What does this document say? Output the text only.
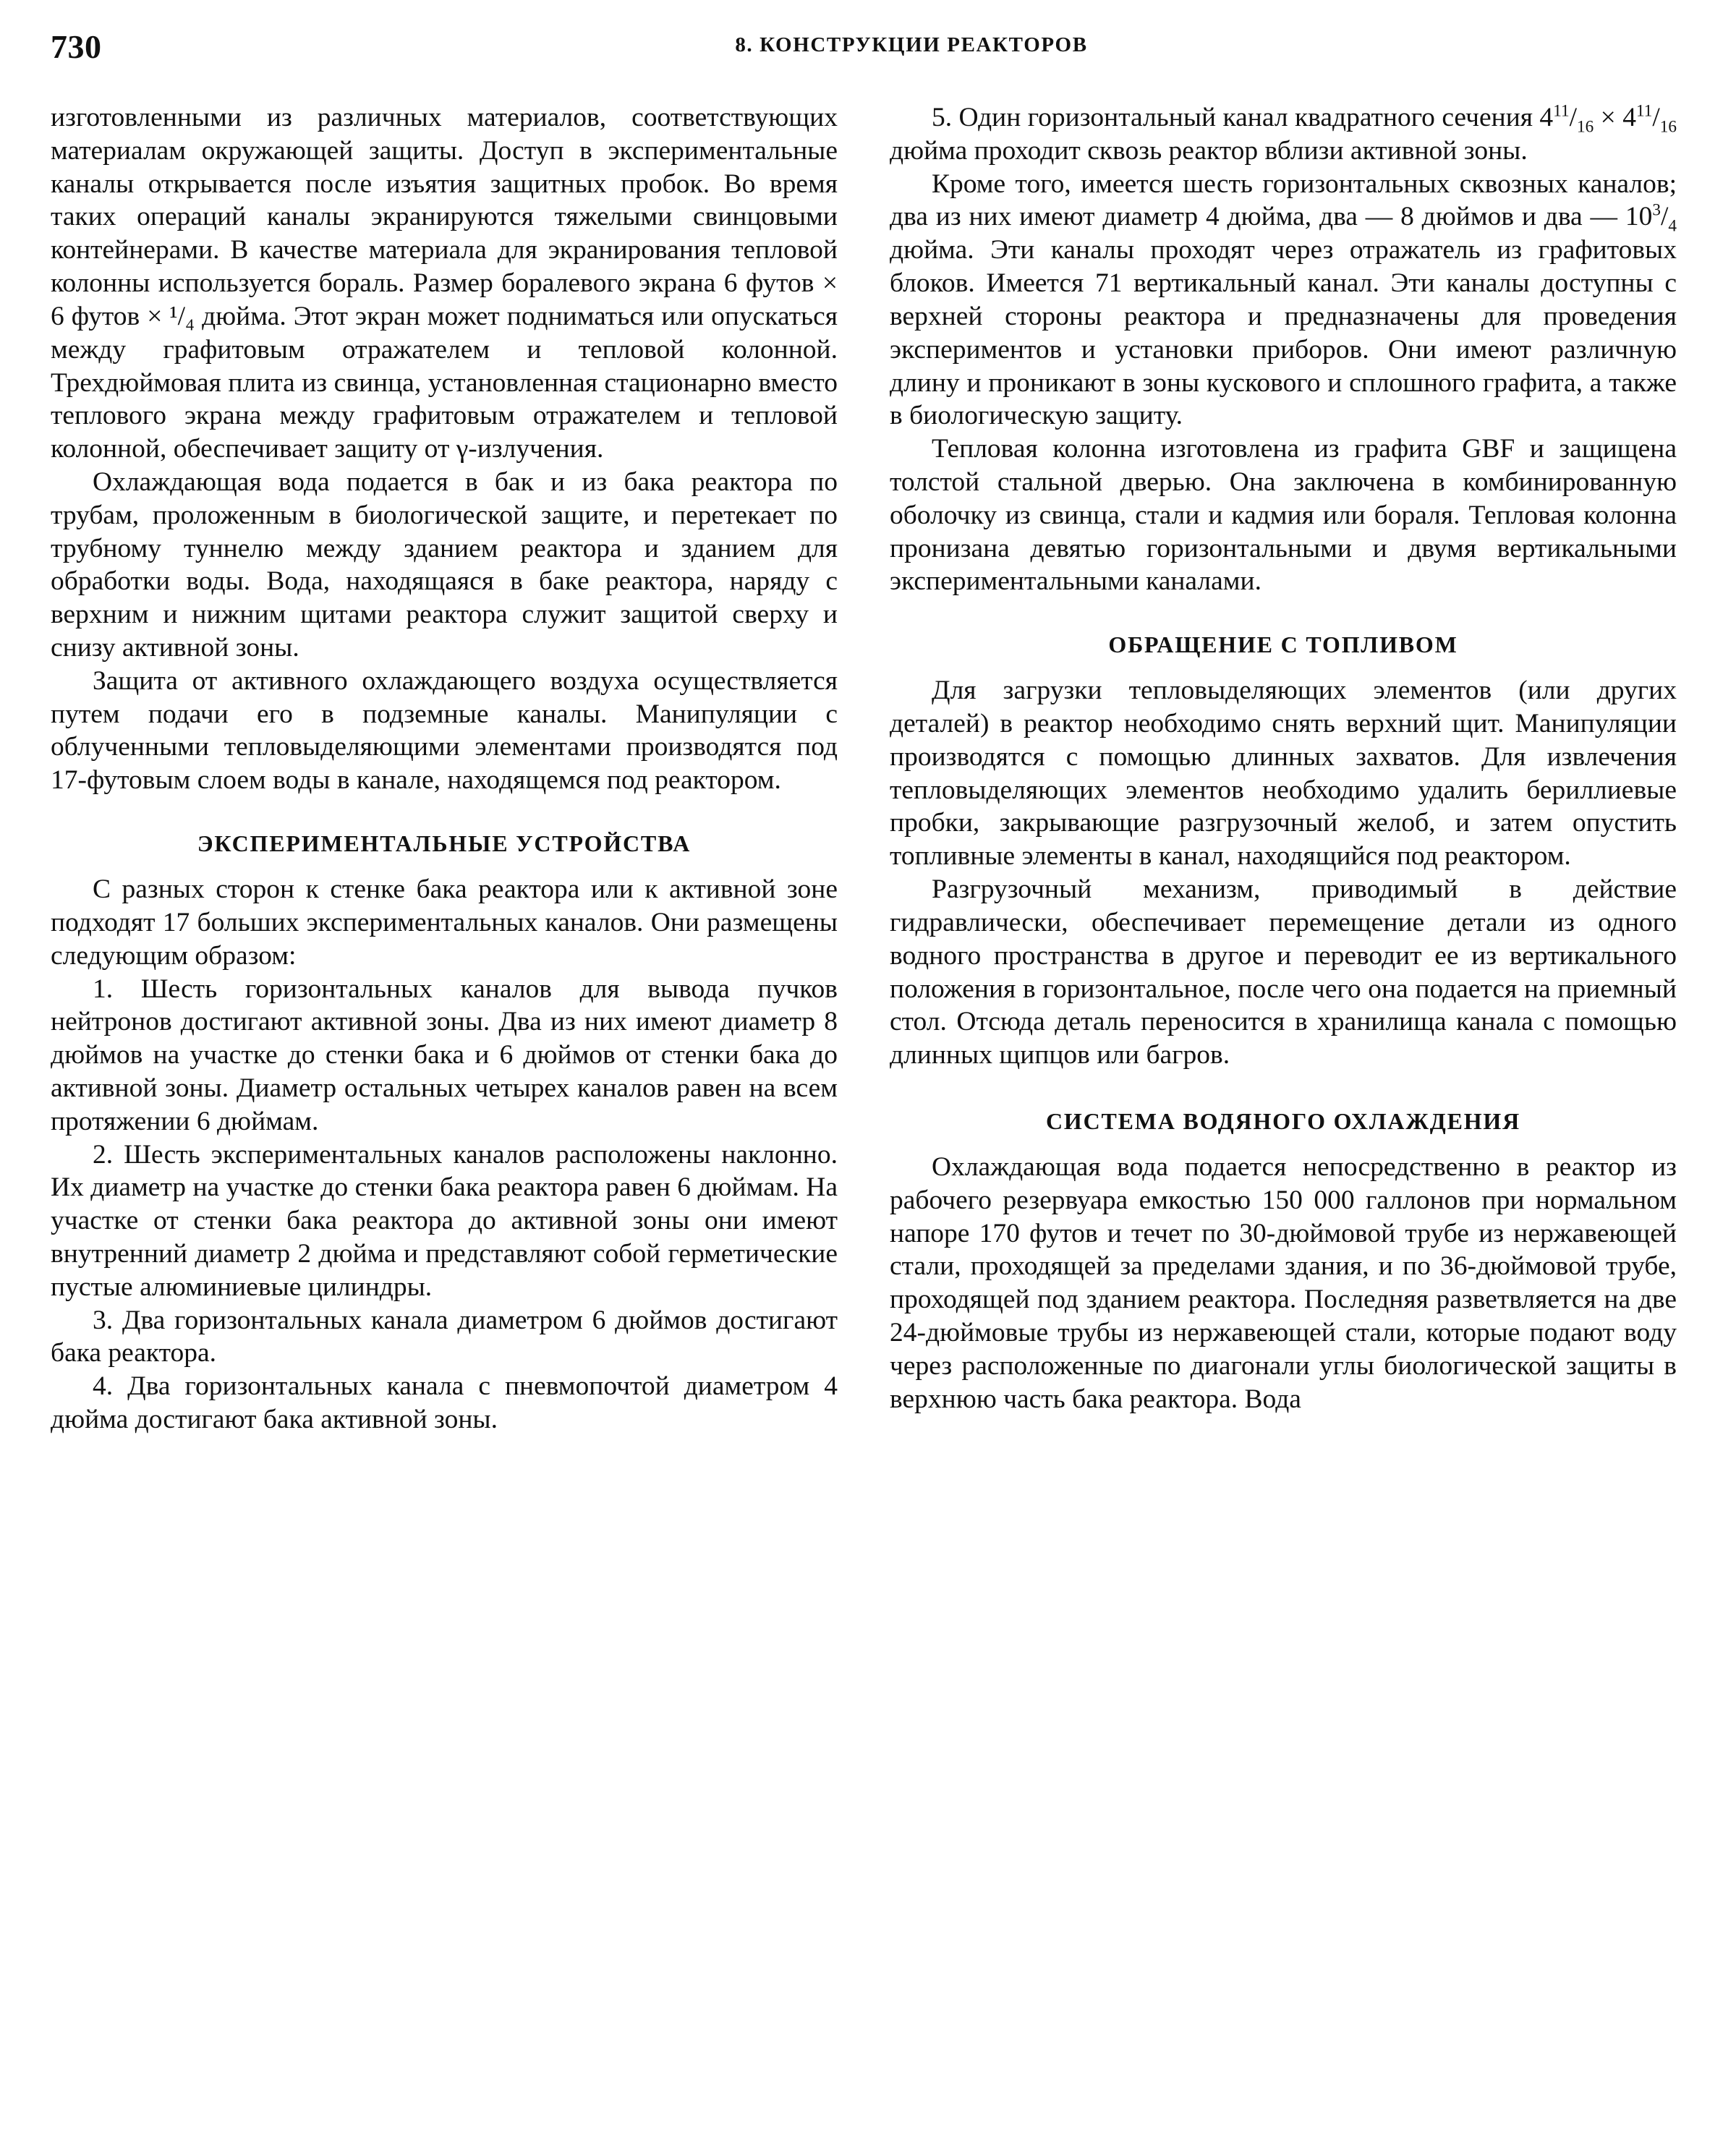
730	8. КОНСТРУКЦИИ РЕАКТОРОВ

изготовленными из различных материалов, соответствующих материалам окружающей защиты. Доступ в экспериментальные каналы открывается после изъятия защитных пробок. Во время таких операций каналы экранируются тяжелыми свинцовыми контейнерами. В качестве материала для экранирования тепловой колонны используется бораль. Размер боралевого экрана 6 футов × 6 футов × ¹/₄ дюйма. Этот экран может подниматься или опускаться между графитовым отражателем и тепловой колонной. Трехдюймовая плита из свинца, установленная стационарно вместо теплового экрана между графитовым отражателем и тепловой колонной, обеспечивает защиту от γ-излучения.

Охлаждающая вода подается в бак и из бака реактора по трубам, проложенным в биологической защите, и перетекает по трубному туннелю между зданием реактора и зданием для обработки воды. Вода, находящаяся в баке реактора, наряду с верхним и нижним щитами реактора служит защитой сверху и снизу активной зоны.

Защита от активного охлаждающего воздуха осуществляется путем подачи его в подземные каналы. Манипуляции с облученными тепловыделяющими элементами производятся под 17-футовым слоем воды в канале, находящемся под реактором.

ЭКСПЕРИМЕНТАЛЬНЫЕ УСТРОЙСТВА

С разных сторон к стенке бака реактора или к активной зоне подходят 17 больших экспериментальных каналов. Они размещены следующим образом:

1. Шесть горизонтальных каналов для вывода пучков нейтронов достигают активной зоны. Два из них имеют диаметр 8 дюймов на участке до стенки бака и 6 дюймов от стенки бака до активной зоны. Диаметр остальных четырех каналов равен на всем протяжении 6 дюймам.

2. Шесть экспериментальных каналов расположены наклонно. Их диаметр на участке до стенки бака реактора равен 6 дюймам. На участке от стенки бака реактора до активной зоны они имеют внутренний диаметр 2 дюйма и представляют собой герметические пустые алюминиевые цилиндры.

3. Два горизонтальных канала диаметром 6 дюймов достигают бака реактора.

4. Два горизонтальных канала с пневмопочтой диаметром 4 дюйма достигают бака активной зоны.

5. Один горизонтальный канал квадратного сечения $4^{11}/_{16} \times 4^{11}/_{16}$ дюйма проходит сквозь реактор вблизи активной зоны.

Кроме того, имеется шесть горизонтальных сквозных каналов; два из них имеют диаметр 4 дюйма, два — 8 дюймов и два — $10^3/_4$ дюйма. Эти каналы проходят через отражатель из графитовых блоков. Имеется 71 вертикальный канал. Эти каналы доступны с верхней стороны реактора и предназначены для проведения экспериментов и установки приборов. Они имеют различную длину и проникают в зоны кускового и сплошного графита, а также в биологическую защиту.

Тепловая колонна изготовлена из графита GBF и защищена толстой стальной дверью. Она заключена в комбинированную оболочку из свинца, стали и кадмия или бораля. Тепловая колонна пронизана девятью горизонтальными и двумя вертикальными экспериментальными каналами.

ОБРАЩЕНИЕ С ТОПЛИВОМ

Для загрузки тепловыделяющих элементов (или других деталей) в реактор необходимо снять верхний щит. Манипуляции производятся с помощью длинных захватов. Для извлечения тепловыделяющих элементов необходимо удалить бериллиевые пробки, закрывающие разгрузочный желоб, и затем опустить топливные элементы в канал, находящийся под реактором.

Разгрузочный механизм, приводимый в действие гидравлически, обеспечивает перемещение детали из одного водного пространства в другое и переводит ее из вертикального положения в горизонтальное, после чего она подается на приемный стол. Отсюда деталь переносится в хранилища канала с помощью длинных щипцов или багров.

СИСТЕМА ВОДЯНОГО ОХЛАЖДЕНИЯ

Охлаждающая вода подается непосредственно в реактор из рабочего резервуара емкостью 150 000 галлонов при нормальном напоре 170 футов и течет по 30-дюймовой трубе из нержавеющей стали, проходящей за пределами здания, и по 36-дюймовой трубе, проходящей под зданием реактора. Последняя разветвляется на две 24-дюймовые трубы из нержавеющей стали, которые подают воду через расположенные по диагонали углы биологической защиты в верхнюю часть бака реактора. Вода
